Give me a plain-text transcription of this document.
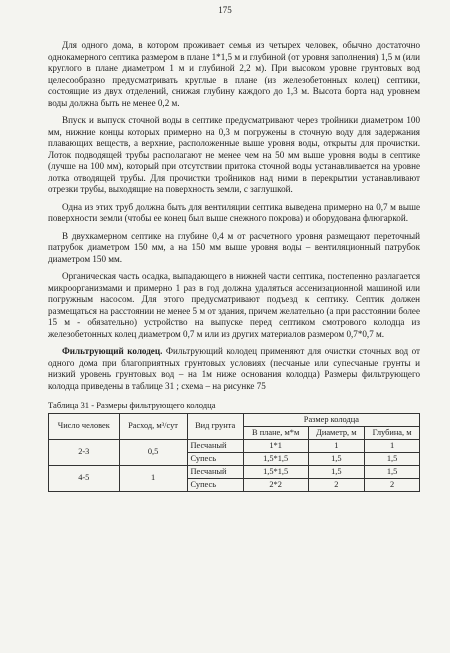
175

Для одного дома, в котором проживает семья из четырех человек, обычно достаточно однокамерного септика размером в плане 1*1,5 м и глубиной (от уровня заполнения) 1,5 м (или круглого в плане диаметром 1 м и глубиной 2,2 м). При высоком уровне грунтовых вод целесообразно предусматривать круглые в плане (из железобетонных колец) септики, состоящие из двух отделений, снижая глубину каждого до 1,3 м. Высота борта над уровнем воды должна быть не менее 0,2 м.

Впуск и выпуск сточной воды в септике предусматривают через тройники диаметром 100 мм, нижние концы которых примерно на 0,3 м погружены в сточную воду для задержания плавающих веществ, а верхние, расположенные выше уровня воды, открыты для прочистки. Лоток подводящей трубы располагают не менее чем на 50 мм выше уровня воды в септике (лучше на 100 мм), который при отсутствии притока сточной воды устанавливается на уровне лотка отводящей трубы. Для прочистки тройников над ними в перекрытии устанавливают отрезки трубы, выходящие на поверхность земли, с заглушкой.

Одна из этих труб должна быть для вентиляции септика выведена примерно на 0,7 м выше поверхности земли (чтобы ее конец был выше снежного покрова) и оборудована флюгаркой.

В двухкамерном септике на глубине 0,4 м от расчетного уровня размещают переточный патрубок диаметром 150 мм, а на 150 мм выше уровня воды – вентиляционный патрубок диаметром 150 мм.

Органическая часть осадка, выпадающего в нижней части септика, постепенно разлагается микроорганизмами и примерно 1 раз в год должна удаляться ассенизационной машиной или погружным насосом. Для этого предусматривают подъезд к септику. Септик должен размещаться на расстоянии не менее 5 м от здания, причем желательно (а при расстоянии более 15 м - обязательно) устройство на выпуске перед септиком смотрового колодца из железобетонных колец диаметром 0,7 м или из других материалов размером 0,7*0,7 м.

Фильтрующий колодец. Фильтрующий колодец применяют для очистки сточных вод от одного дома при благоприятных грунтовых условиях (песчаные или супесчаные грунты и низкий уровень грунтовых вод – на 1м ниже основания колодца) Размеры фильтрующего колодца приведены в таблице 31 ; схема – на рисунке 75

Таблица 31 - Размеры фильтрующего колодца
Число человек	Расход, м³/сут	Вид грунта	Размер колодца		
			В плане, м*м	Диаметр, м	Глубина, м
2-3	0,5	Песчаный	1*1	1	1
		Супесь	1,5*1,5	1,5	1,5
4-5	1	Песчаный	1,5*1,5	1,5	1,5
		Супесь	2*2	2	2
